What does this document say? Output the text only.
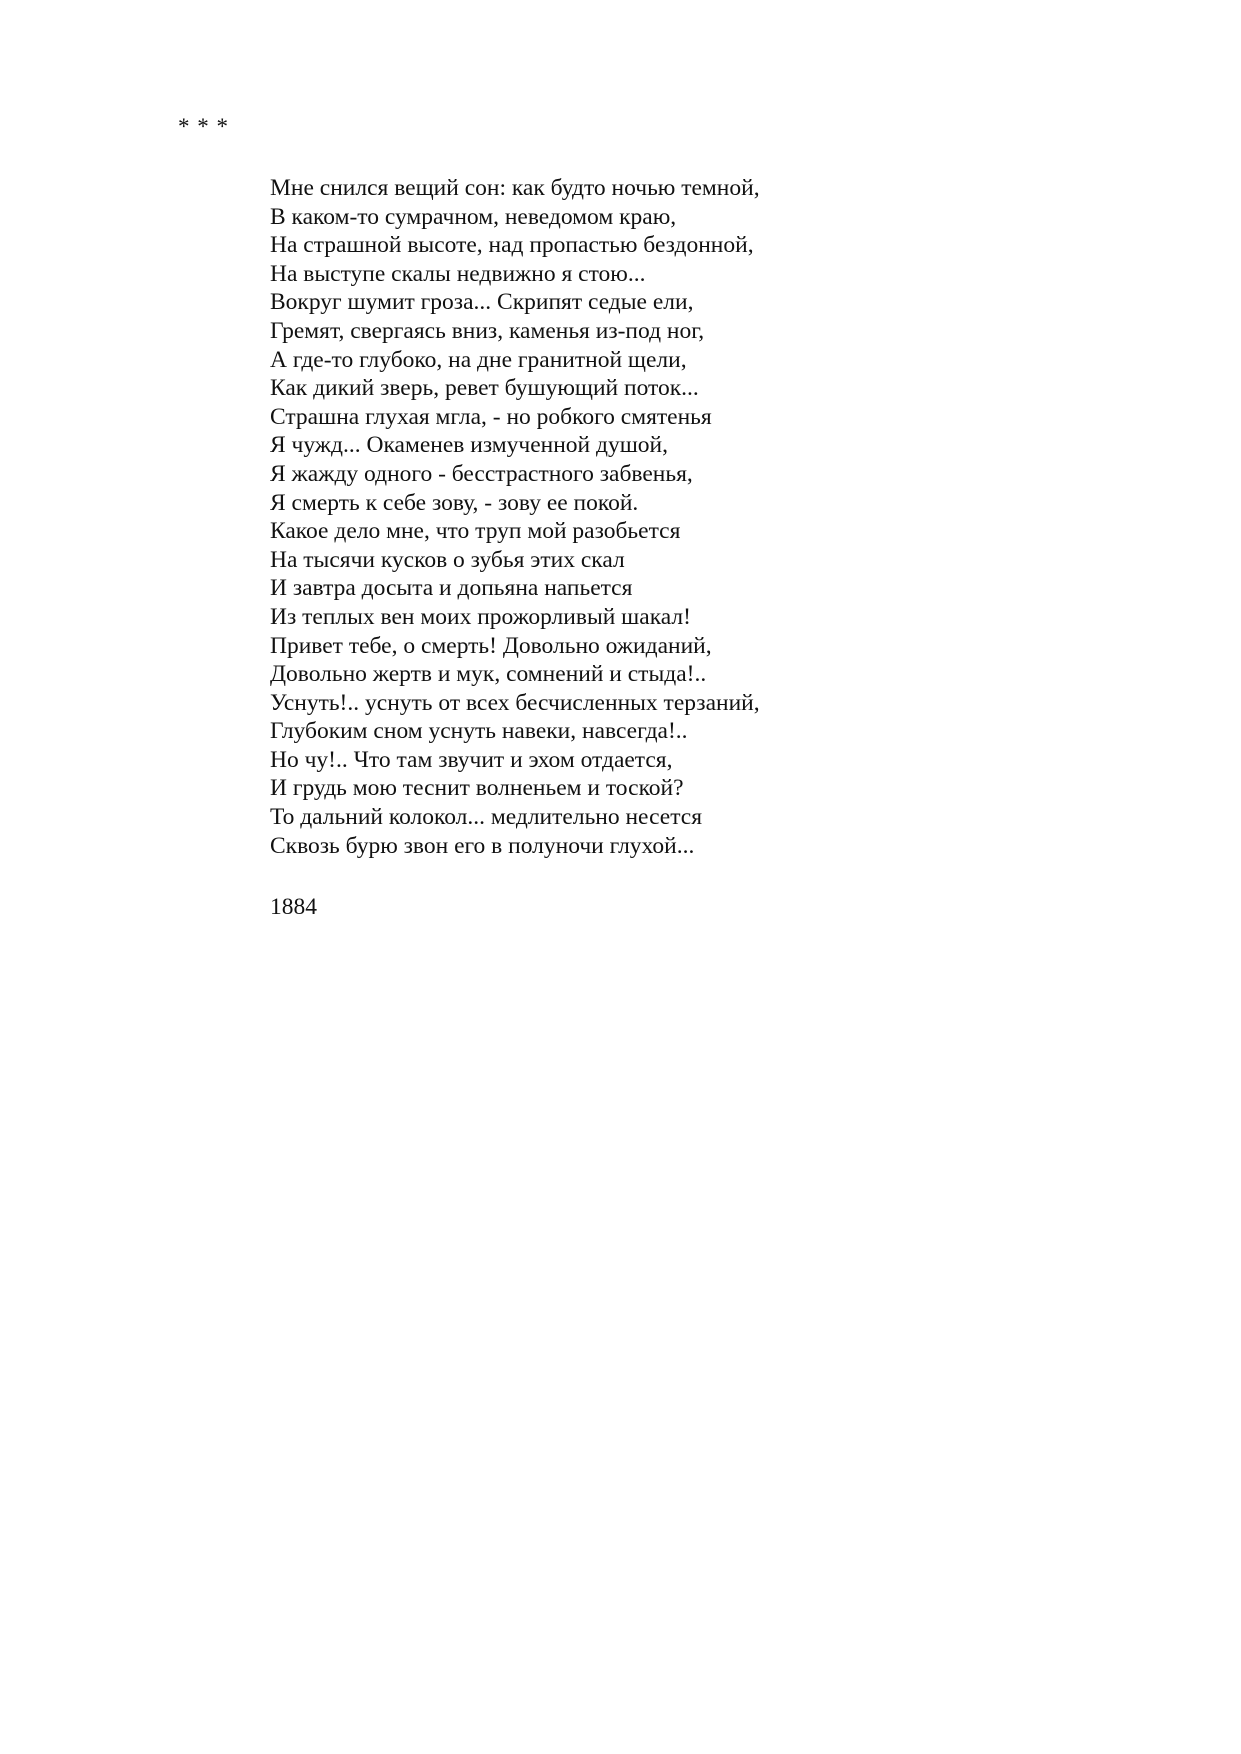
* * *
Мне снился вещий сон: как будто ночью темной,
В каком-то сумрачном, неведомом краю,
На страшной высоте, над пропастью бездонной,
На выступе скалы недвижно я стою...
Вокруг шумит гроза... Скрипят седые ели,
Гремят, свергаясь вниз, каменья из-под ног,
А где-то глубоко, на дне гранитной щели,
Как дикий зверь, ревет бушующий поток...
Страшна глухая мгла, - но робкого смятенья
Я чужд... Окаменев измученной душой,
Я жажду одного - бесстрастного забвенья,
Я смерть к себе зову, - зову ее покой.
Какое дело мне, что труп мой разобьется
На тысячи кусков о зубья этих скал
И завтра досыта и допьяна напьется
Из теплых вен моих прожорливый шакал!
Привет тебе, о смерть! Довольно ожиданий,
Довольно жертв и мук, сомнений и стыда!..
Уснуть!.. уснуть от всех бесчисленных терзаний,
Глубоким сном уснуть навеки, навсегда!..
Но чу!.. Что там звучит и эхом отдается,
И грудь мою теснит волненьем и тоской?
То дальний колокол... медлительно несется
Сквозь бурю звон его в полуночи глухой...
1884
